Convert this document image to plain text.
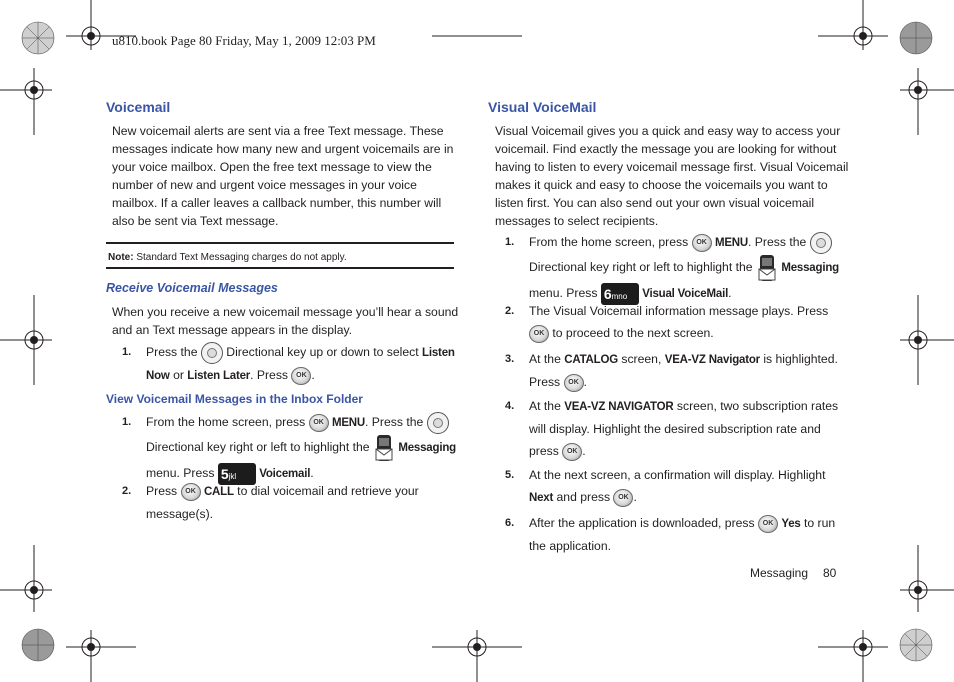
u810.book Page 80 Friday, May 1, 2009 12:03 PM
Voicemail
New voicemail alerts are sent via a free Text message. These
messages indicate how many new and urgent voicemails are in
your voice mailbox. Open the free text message to view the
number of new and urgent voice messages in your voice
mailbox. If a caller leaves a callback number, this number will
also be sent via Text message.
Note: Standard Text Messaging charges do not apply.
Receive Voicemail Messages
When you receive a new voicemail message you’ll hear a sound
and an Text message appears in the display.
1. Press the  Directional key up or down to select Listen
Now or Listen Later. Press OK .
View Voicemail Messages in the Inbox Folder
1. From the home screen, press OK MENU. Press the
Directional key right or left to highlight the  Messaging
menu. Press 5jkl Voicemail.
2. Press OK CALL to dial voicemail and retrieve your
message(s).
Visual VoiceMail
Visual Voicemail gives you a quick and easy way to access your
voicemail. Find exactly the message you are looking for without
having to listen to every voicemail message first. Visual Voicemail
makes it quick and easy to choose the voicemails you want to
listen first. You can also send out your own visual voicemail
messages to select recipients.
1. From the home screen, press OK MENU. Press the
Directional key right or left to highlight the  Messaging
menu. Press 6mno Visual VoiceMail.
2. The Visual Voicemail information message plays. Press
OK to proceed to the next screen.
3. At the CATALOG screen, VEA-VZ Navigator is highlighted.
Press OK .
4. At the VEA-VZ NAVIGATOR screen, two subscription rates
will display. Highlight the desired subscription rate and
press OK .
5. At the next screen, a confirmation will display. Highlight
Next and press OK .
6. After the application is downloaded, press OK Yes to run
the application.
Messaging 80
